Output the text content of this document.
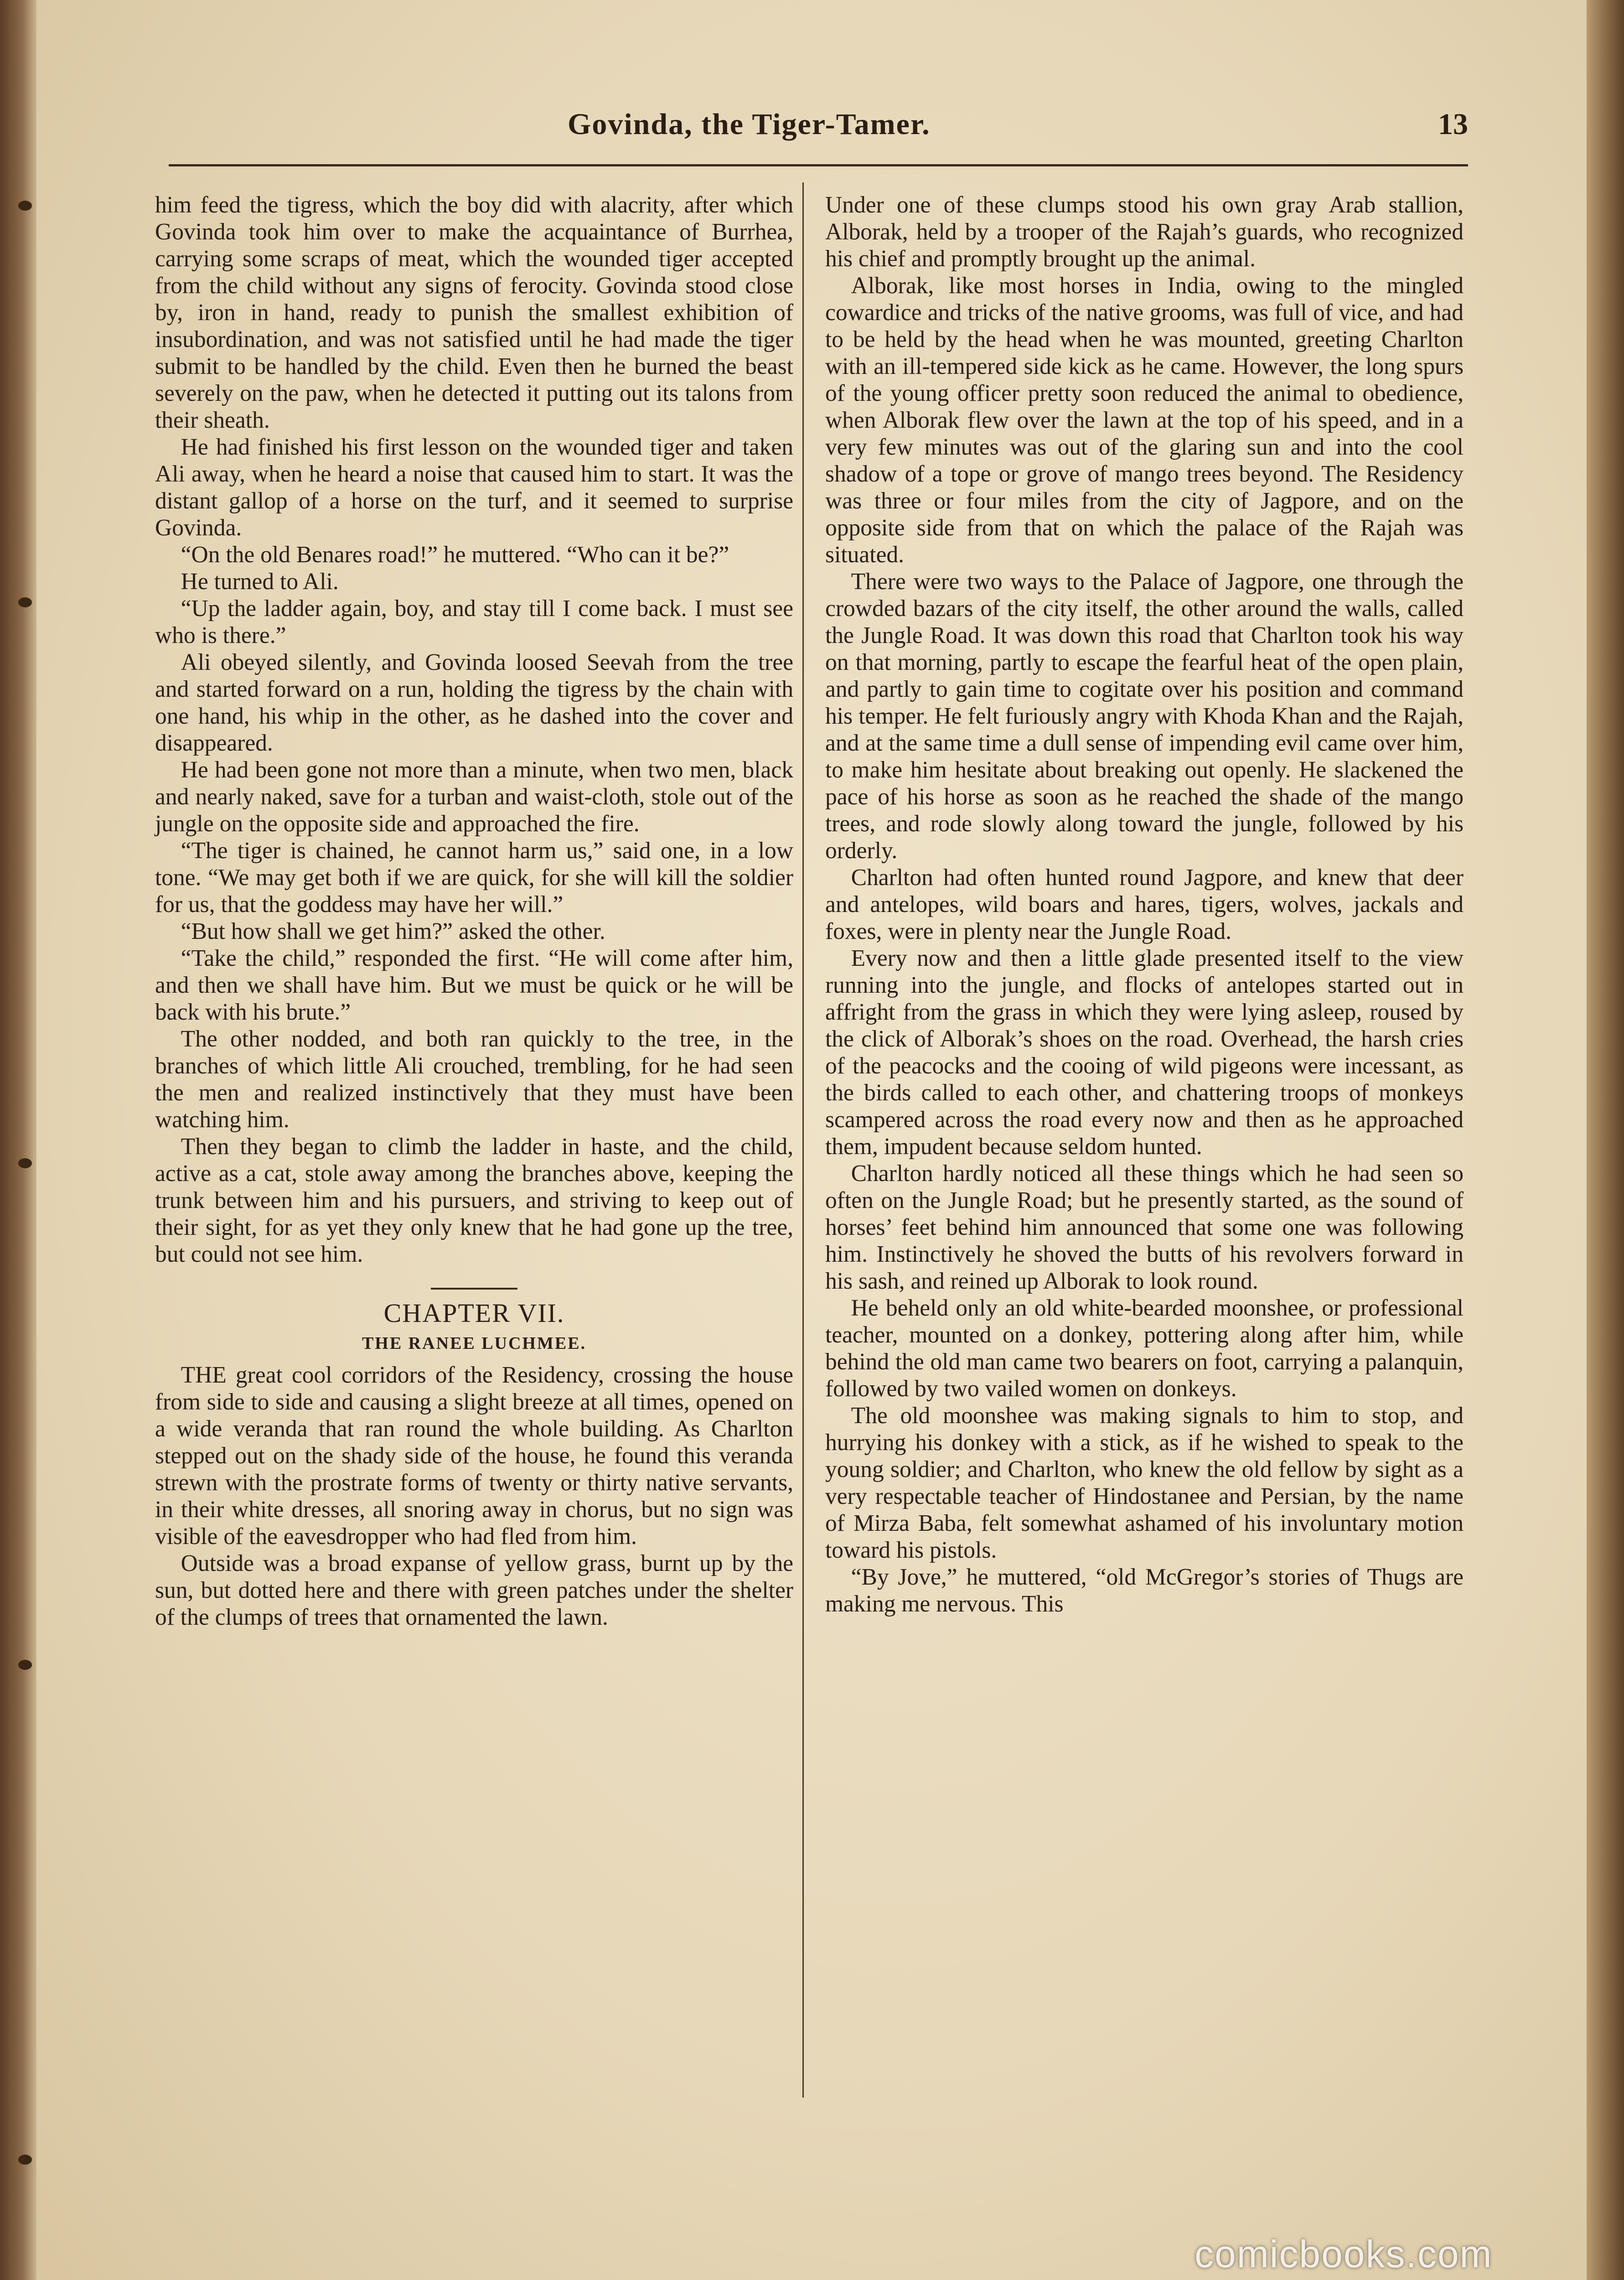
Govinda, the Tiger-Tamer.	13

him feed the tigress, which the boy did with alacrity, after which Govinda took him over to make the acquaintance of Burrhea, carrying some scraps of meat, which the wounded tiger accepted from the child without any signs of ferocity. Govinda stood close by, iron in hand, ready to punish the smallest exhibition of insubordination, and was not satisfied until he had made the tiger submit to be handled by the child. Even then he burned the beast severely on the paw, when he detected it putting out its talons from their sheath.

He had finished his first lesson on the wounded tiger and taken Ali away, when he heard a noise that caused him to start. It was the distant gallop of a horse on the turf, and it seemed to surprise Govinda.

“On the old Benares road!” he muttered. “Who can it be?”

He turned to Ali.

“Up the ladder again, boy, and stay till I come back. I must see who is there.”

Ali obeyed silently, and Govinda loosed Seevah from the tree and started forward on a run, holding the tigress by the chain with one hand, his whip in the other, as he dashed into the cover and disappeared.

He had been gone not more than a minute, when two men, black and nearly naked, save for a turban and waist-cloth, stole out of the jungle on the opposite side and approached the fire.

“The tiger is chained, he cannot harm us,” said one, in a low tone. “We may get both if we are quick, for she will kill the soldier for us, that the goddess may have her will.”

“But how shall we get him?” asked the other.

“Take the child,” responded the first. “He will come after him, and then we shall have him. But we must be quick or he will be back with his brute.”

The other nodded, and both ran quickly to the tree, in the branches of which little Ali crouched, trembling, for he had seen the men and realized instinctively that they must have been watching him.

Then they began to climb the ladder in haste, and the child, active as a cat, stole away among the branches above, keeping the trunk between him and his pursuers, and striving to keep out of their sight, for as yet they only knew that he had gone up the tree, but could not see him.

CHAPTER VII.
THE RANEE LUCHMEE.

THE great cool corridors of the Residency, crossing the house from side to side and causing a slight breeze at all times, opened on a wide veranda that ran round the whole building. As Charlton stepped out on the shady side of the house, he found this veranda strewn with the prostrate forms of twenty or thirty native servants, in their white dresses, all snoring away in chorus, but no sign was visible of the eavesdropper who had fled from him.

Outside was a broad expanse of yellow grass, burnt up by the sun, but dotted here and there with green patches under the shelter of the clumps of trees that ornamented the lawn.

Under one of these clumps stood his own gray Arab stallion, Alborak, held by a trooper of the Rajah’s guards, who recognized his chief and promptly brought up the animal.

Alborak, like most horses in India, owing to the mingled cowardice and tricks of the native grooms, was full of vice, and had to be held by the head when he was mounted, greeting Charlton with an ill-tempered side kick as he came. However, the long spurs of the young officer pretty soon reduced the animal to obedience, when Alborak flew over the lawn at the top of his speed, and in a very few minutes was out of the glaring sun and into the cool shadow of a tope or grove of mango trees beyond. The Residency was three or four miles from the city of Jagpore, and on the opposite side from that on which the palace of the Rajah was situated.

There were two ways to the Palace of Jagpore, one through the crowded bazars of the city itself, the other around the walls, called the Jungle Road. It was down this road that Charlton took his way on that morning, partly to escape the fearful heat of the open plain, and partly to gain time to cogitate over his position and command his temper. He felt furiously angry with Khoda Khan and the Rajah, and at the same time a dull sense of impending evil came over him, to make him hesitate about breaking out openly. He slackened the pace of his horse as soon as he reached the shade of the mango trees, and rode slowly along toward the jungle, followed by his orderly.

Charlton had often hunted round Jagpore, and knew that deer and antelopes, wild boars and hares, tigers, wolves, jackals and foxes, were in plenty near the Jungle Road.

Every now and then a little glade presented itself to the view running into the jungle, and flocks of antelopes started out in affright from the grass in which they were lying asleep, roused by the click of Alborak’s shoes on the road. Overhead, the harsh cries of the peacocks and the cooing of wild pigeons were incessant, as the birds called to each other, and chattering troops of monkeys scampered across the road every now and then as he approached them, impudent because seldom hunted.

Charlton hardly noticed all these things which he had seen so often on the Jungle Road; but he presently started, as the sound of horses’ feet behind him announced that some one was following him. Instinctively he shoved the butts of his revolvers forward in his sash, and reined up Alborak to look round.

He beheld only an old white-bearded moonshee, or professional teacher, mounted on a donkey, pottering along after him, while behind the old man came two bearers on foot, carrying a palanquin, followed by two vailed women on donkeys.

The old moonshee was making signals to him to stop, and hurrying his donkey with a stick, as if he wished to speak to the young soldier; and Charlton, who knew the old fellow by sight as a very respectable teacher of Hindostanee and Persian, by the name of Mirza Baba, felt somewhat ashamed of his involuntary motion toward his pistols.

“By Jove,” he muttered, “old McGregor’s stories of Thugs are making me nervous. This

comicbooks.com
